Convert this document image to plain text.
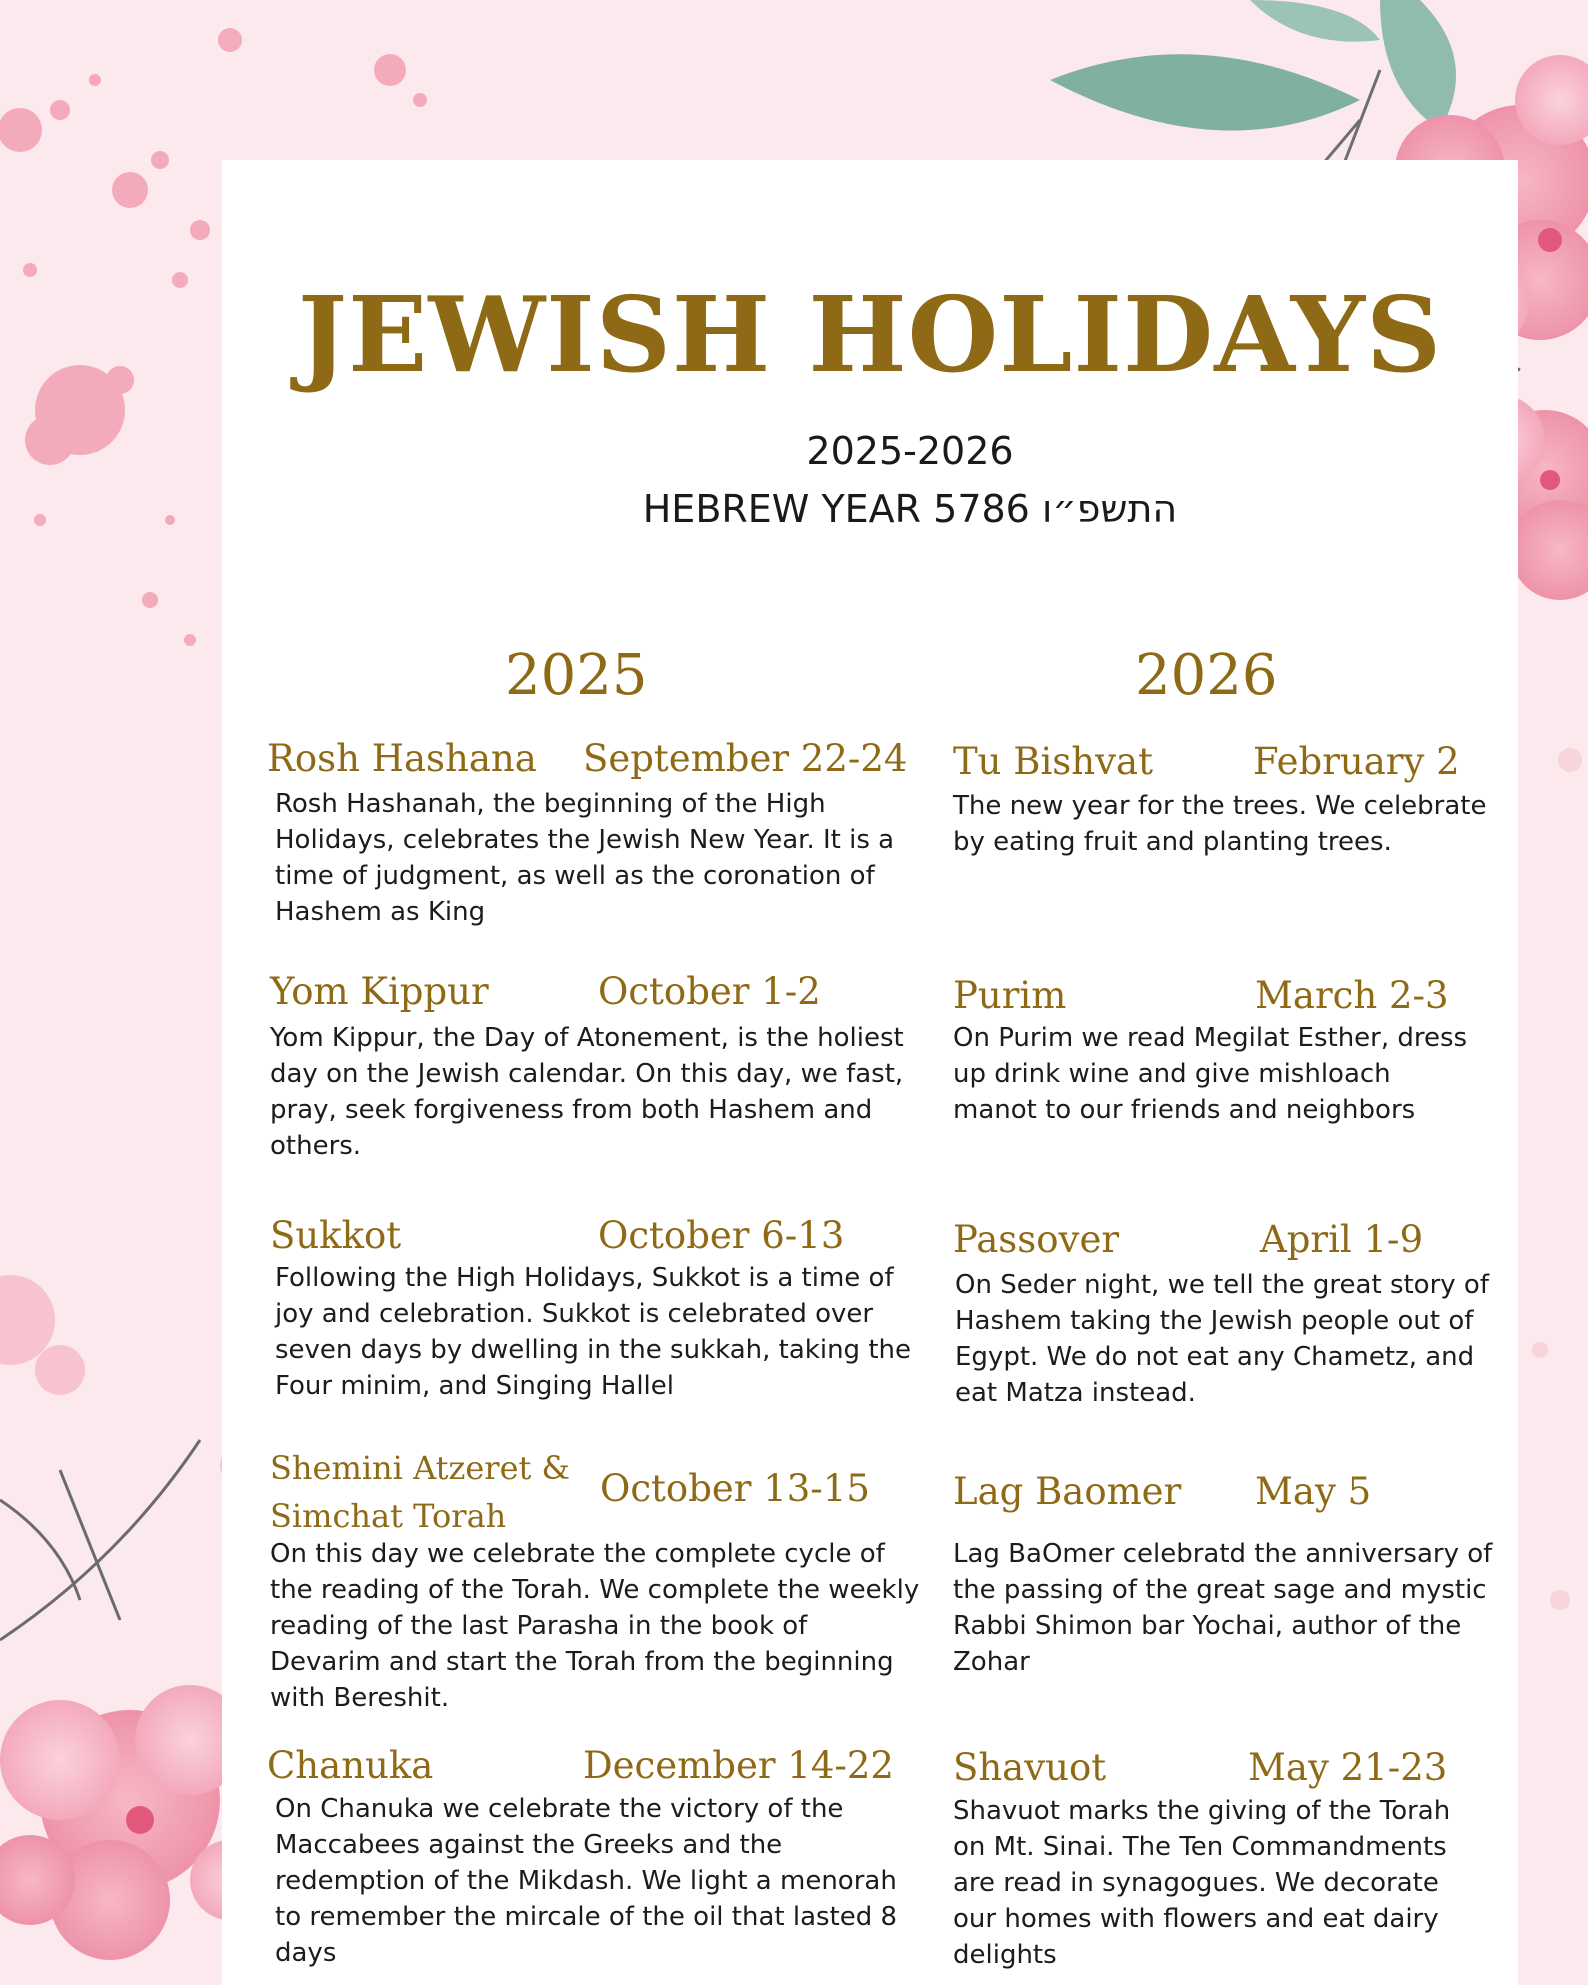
JEWISH HOLIDAYS
2025-2026
HEBREW YEAR 5786 התשפ״ו
2025	2026
Rosh Hashana September 22-24

Rosh Hashanah, the beginning of the High Holidays, celebrates the Jewish New Year. It is a time of judgment, as well as the coronation of Hashem as King

Yom Kippur	October 1-2

Yom Kippur, the Day of Atonement, is the holiest day on the Jewish calendar. On this day, we fast, pray, seek forgiveness from both Hashem and others.

Sukkot	October 6-13

Following the High Holidays, Sukkot is a time of joy and celebration. Sukkot is celebrated over seven days by dwelling in the sukkah, taking the Four minim, and Singing Hallel

Shemini Atzeret & Simchat Torah
October 13-15

On this day we celebrate the complete cycle of the reading of the Torah. We complete the weekly reading of the last Parasha in the book of Devarim and start the Torah from the beginning with Bereshit.

Chanuka	December 14-22

On Chanuka we celebrate the victory of the Maccabees against the Greeks and the redemption of the Mikdash. We light a menorah to remember the mircale of the oil that lasted 8 days

Tu Bishvat	February 2

The new year for the trees. We celebrate by eating fruit and planting trees.

Purim	March 2-3

On Purim we read Megilat Esther, dress up drink wine and give mishloach manot to our friends and neighbors

Passover	April 1-9

On Seder night, we tell the great story of Hashem taking the Jewish people out of Egypt. We do not eat any Chametz, and eat Matza instead.

Lag Baomer May 5

Lag BaOmer celebratd the anniversary of the passing of the great sage and mystic Rabbi Shimon bar Yochai, author of the Zohar

Shavuot	May 21-23

Shavuot marks the giving of the Torah on Mt. Sinai. The Ten Commandments are read in synagogues. We decorate our homes with flowers and eat dairy delights
